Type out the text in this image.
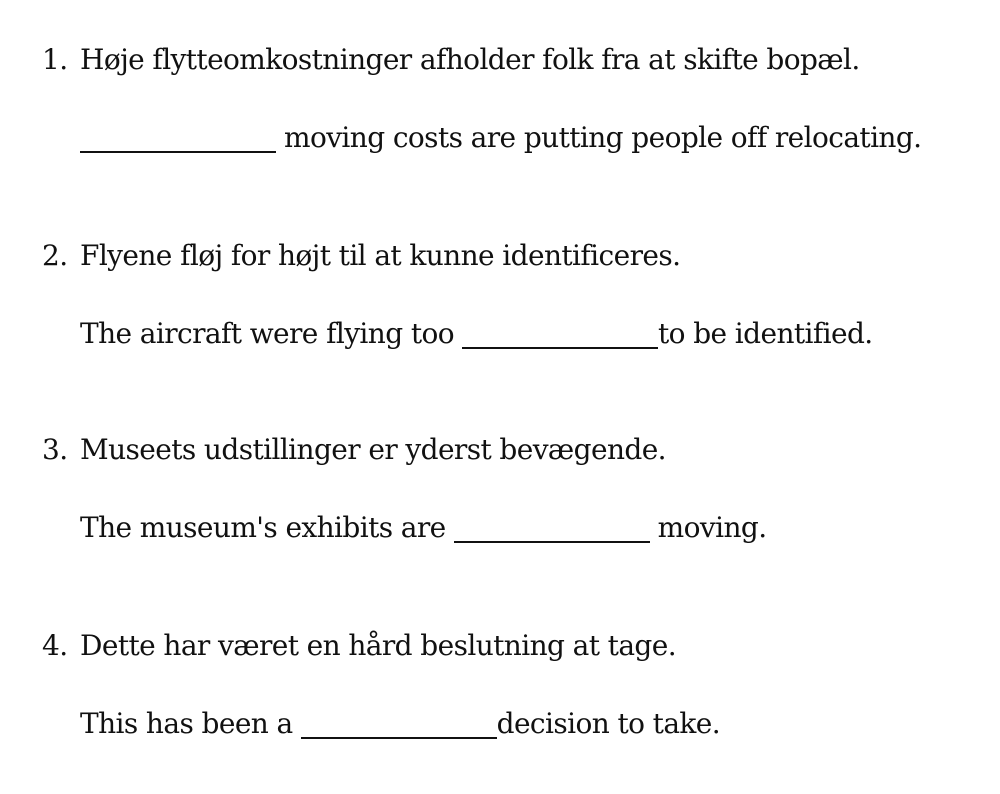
1. Høje flytteomkostninger afholder folk fra at skifte bopæl.
moving costs are putting people off relocating.
2. Flyene fløj for højt til at kunne identificeres.
The aircraft were flying too	to be identified.
3. Museets udstillinger er yderst bevægende.
The museum's exhibits are	moving.
4. Dette har været en hård beslutning at tage.
This has been a	decision to take.
